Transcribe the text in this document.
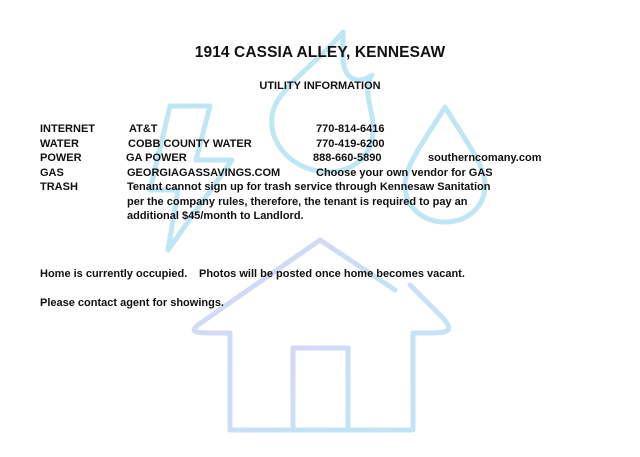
1914 CASSIA ALLEY, KENNESAW
UTILITY INFORMATION
INTERNET	AT&T	770-814-6416
WATER	COBB COUNTY WATER	770-419-6200
POWER	GA POWER	888-660-5890	southerncomany.com
GAS	GEORGIAGASSAVINGS.COM	Choose your own vendor for GAS
TRASH	Tenant cannot sign up for trash service through Kennesaw Sanitation
per the company rules, therefore, the tenant is required to pay an
additional $45/month to Landlord.
Home is currently occupied. Photos will be posted once home becomes vacant.
Please contact agent for showings.
